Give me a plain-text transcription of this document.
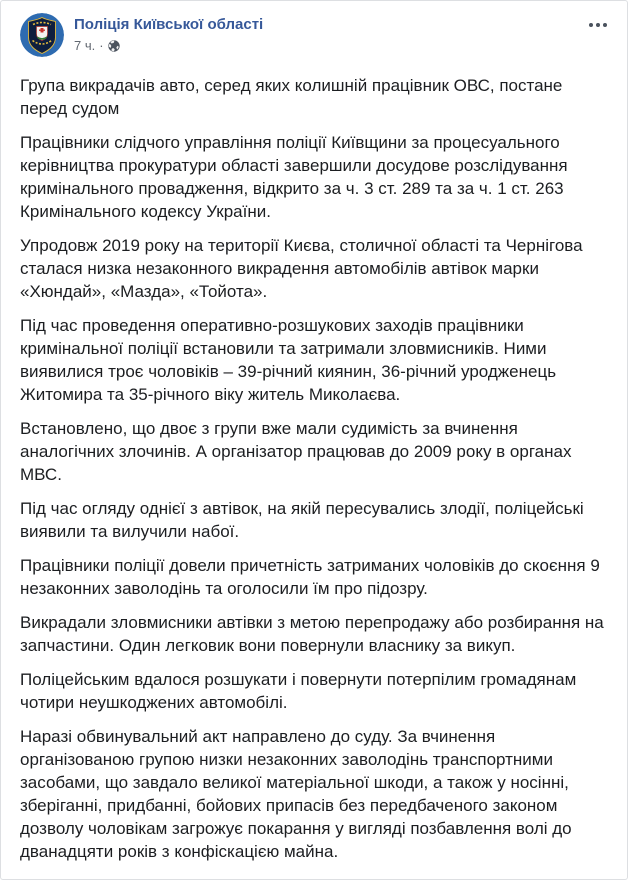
Поліція Київської області
7 ч. ·

Група викрадачів авто, серед яких колишній працівник ОВС, постане перед судом

Працівники слідчого управління поліції Київщини за процесуального керівництва прокуратури області завершили досудове розслідування кримінального провадження, відкрито за ч. 3 ст. 289 та за ч. 1 ст. 263 Кримінального кодексу України.

Упродовж 2019 року на території Києва, столичної області та Чернігова сталася низка незаконного викрадення автомобілів автівок марки «Хюндай», «Мазда», «Тойота».

Під час проведення оперативно-розшукових заходів працівники кримінальної поліції встановили та затримали зловмисників. Ними виявилися троє чоловіків – 39-річний киянин, 36-річний уродженець Житомира та 35-річного віку житель Миколаєва.

Встановлено, що двоє з групи вже мали судимість за вчинення аналогічних злочинів. А організатор працював до 2009 року в органах МВС.

Під час огляду однієї з автівок, на якій пересувались злодії, поліцейські виявили та вилучили набої.

Працівники поліції довели причетність затриманих чоловіків до скоєння 9 незаконних заволодінь та оголосили їм про підозру.

Викрадали зловмисники автівки з метою перепродажу або розбирання на запчастини. Один легковик вони повернули власнику за викуп.

Поліцейським вдалося розшукати і повернути потерпілим громадянам чотири неушкоджених автомобілі.

Наразі обвинувальний акт направлено до суду. За вчинення організованою групою низки незаконних заволодінь транспортними засобами, що завдало великої матеріальної шкоди, а також у носінні, зберіганні, придбанні, бойових припасів без передбаченого законом дозволу чоловікам загрожує покарання у вигляді позбавлення волі до дванадцяти років з конфіскацією майна.
